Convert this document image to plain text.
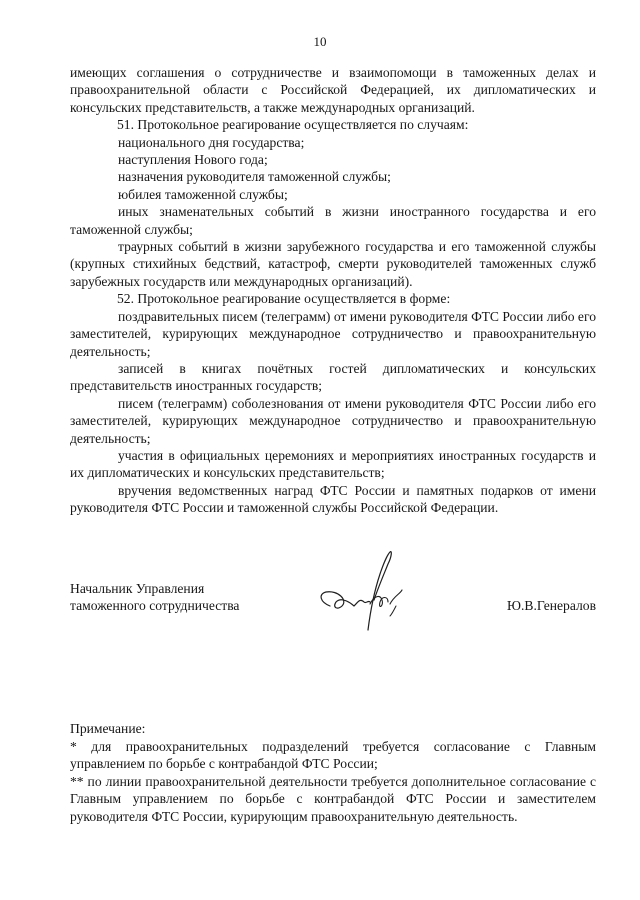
10

имеющих соглашения о сотрудничестве и взаимопомощи в таможенных делах и правоохранительной области с Российской Федерацией, их дипломатических и консульских представительств, а также международных организаций.

51. Протокольное реагирование осуществляется по случаям:

национального дня государства;

наступления Нового года;

назначения руководителя таможенной службы;

юбилея таможенной службы;

иных знаменательных событий в жизни иностранного государства и его таможенной службы;

траурных событий в жизни зарубежного государства и его таможенной службы (крупных стихийных бедствий, катастроф, смерти руководителей таможенных служб зарубежных государств или международных организаций).

52. Протокольное реагирование осуществляется в форме:

поздравительных писем (телеграмм) от имени руководителя ФТС России либо его заместителей, курирующих международное сотрудничество и правоохранительную деятельность;

записей в книгах почётных гостей дипломатических и консульских представительств иностранных государств;

писем (телеграмм) соболезнования от имени руководителя ФТС России либо его заместителей, курирующих международное сотрудничество и правоохранительную деятельность;

участия в официальных церемониях и мероприятиях иностранных государств и их дипломатических и консульских представительств;

вручения ведомственных наград ФТС России и памятных подарков от имени руководителя ФТС России и таможенной службы Российской Федерации.

Начальник Управления
таможенного сотрудничества	Ю.В.Генералов

Примечание:

* для правоохранительных подразделений требуется согласование с Главным управлением по борьбе с контрабандой ФТС России;

** по линии правоохранительной деятельности требуется дополнительное согласование с Главным управлением по борьбе с контрабандой ФТС России и заместителем руководителя ФТС России, курирующим правоохранительную деятельность.
